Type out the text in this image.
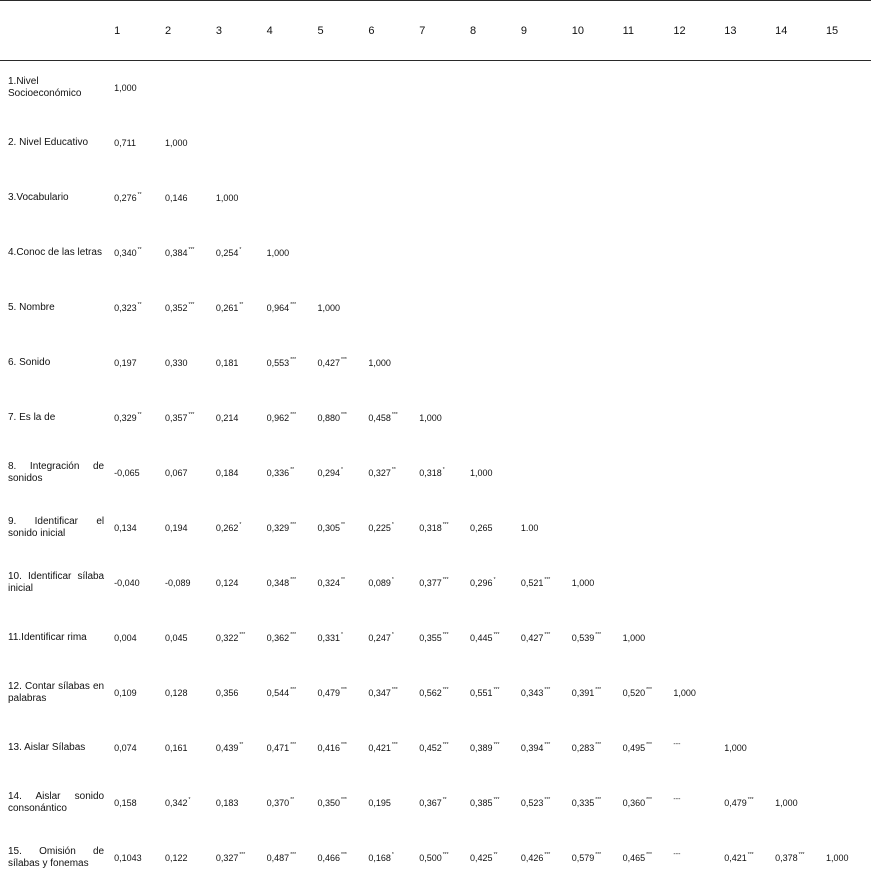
	1	2	3	4	5	6	7	8	9	10	11	12	13	14	15
1.Nivel Socioeconómico	1,000														
2. Nivel Educativo	0,711	1,000													
3.Vocabulario	0,276**	0,146	1,000												
4.Conoc de las letras	0,340**	0,384***	0,254*	1,000											
5. Nombre	0,323**	0,352***	0,261**	0,964***	1,000										
6. Sonido	0,197	0,330	0,181	0,553***	0,427***	1,000									
7. Es la de	0,329**	0,357***	0,214	0,962***	0,880***	0,458***	1,000								
8. Integración de sonidos	-0,065	0,067	0,184	0,336**	0,294*	0,327**	0,318*	1,000							
9. Identificar el sonido inicial	0,134	0,194	0,262*	0,329***	0,305**	0,225*	0,318***	0,265	1.00						
10. Identificar sílaba inicial	-0,040	-0,089	0,124	0,348***	0,324**	0,089*	0,377***	0,296*	0,521***	1,000					
11.Identificar rima	0,004	0,045	0,322***	0,362***	0,331*	0,247*	0,355***	0,445***	0,427***	0,539***	1,000				
12. Contar sílabas en palabras	0,109	0,128	0,356	0,544***	0,479***	0,347***	0,562***	0,551***	0,343***	0,391***	0,520***	1,000			
13. Aislar Sílabas	0,074	0,161	0,439**	0,471***	0,416***	0,421***	0,452***	0,389***	0,394***	0,283***	0,495***	---	1,000		
14. Aislar sonido consonántico	0,158	0,342*	0,183	0,370**	0,350***	0,195	0,367**	0,385***	0,523***	0,335***	0,360***	---	0,479***	1,000	
15. Omisión de sílabas y fonemas	0,1043	0,122	0,327***	0,487***	0,466***	0,168*	0,500***	0,425**	0,426***	0,579***	0,465***	---	0,421***	0,378***	1,000
